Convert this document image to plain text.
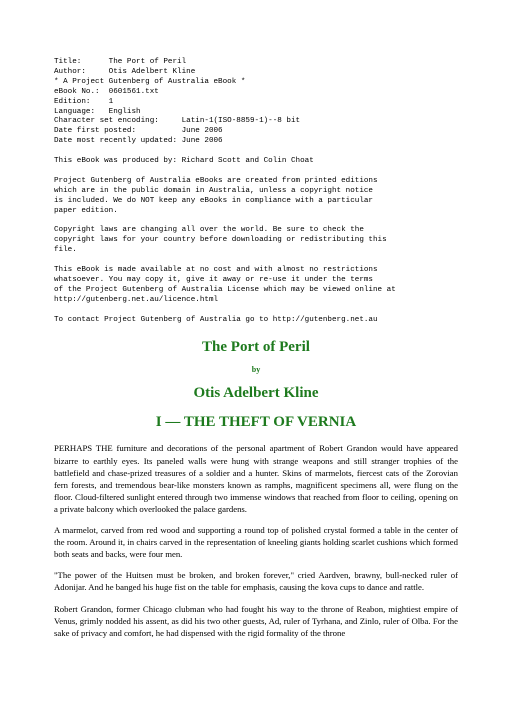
Title:      The Port of Peril
Author:     Otis Adelbert Kline
* A Project Gutenberg of Australia eBook *
eBook No.:  0601561.txt
Edition:    1
Language:   English
Character set encoding:     Latin-1(ISO-8859-1)--8 bit
Date first posted:          June 2006
Date most recently updated: June 2006

This eBook was produced by: Richard Scott and Colin Choat

Project Gutenberg of Australia eBooks are created from printed editions
which are in the public domain in Australia, unless a copyright notice
is included. We do NOT keep any eBooks in compliance with a particular
paper edition.

Copyright laws are changing all over the world. Be sure to check the
copyright laws for your country before downloading or redistributing this
file.

This eBook is made available at no cost and with almost no restrictions
whatsoever. You may copy it, give it away or re-use it under the terms
of the Project Gutenberg of Australia License which may be viewed online at
http://gutenberg.net.au/licence.html

To contact Project Gutenberg of Australia go to http://gutenberg.net.au
The Port of Peril
by
Otis Adelbert Kline
I — THE THEFT OF VERNIA

PERHAPS THE furniture and decorations of the personal apartment of Robert Grandon would have appeared bizarre to earthly eyes. Its paneled walls were hung with strange weapons and still stranger trophies of the battlefield and chase-prized treasures of a soldier and a hunter. Skins of marmelots, fiercest cats of the Zorovian fern forests, and tremendous bear-like monsters known as ramphs, magnificent specimens all, were flung on the floor. Cloud-filtered sunlight entered through two immense windows that reached from floor to ceiling, opening on a private balcony which overlooked the palace gardens.

A marmelot, carved from red wood and supporting a round top of polished crystal formed a table in the center of the room. Around it, in chairs carved in the representation of kneeling giants holding scarlet cushions which formed both seats and backs, were four men.

"The power of the Huitsen must be broken, and broken forever," cried Aardven, brawny, bull-necked ruler of Adonijar. And he banged his huge fist on the table for emphasis, causing the kova cups to dance and rattle.

Robert Grandon, former Chicago clubman who had fought his way to the throne of Reabon, mightiest empire of Venus, grimly nodded his assent, as did his two other guests, Ad, ruler of Tyrhana, and Zinlo, ruler of Olba. For the sake of privacy and comfort, he had dispensed with the rigid formality of the throne
